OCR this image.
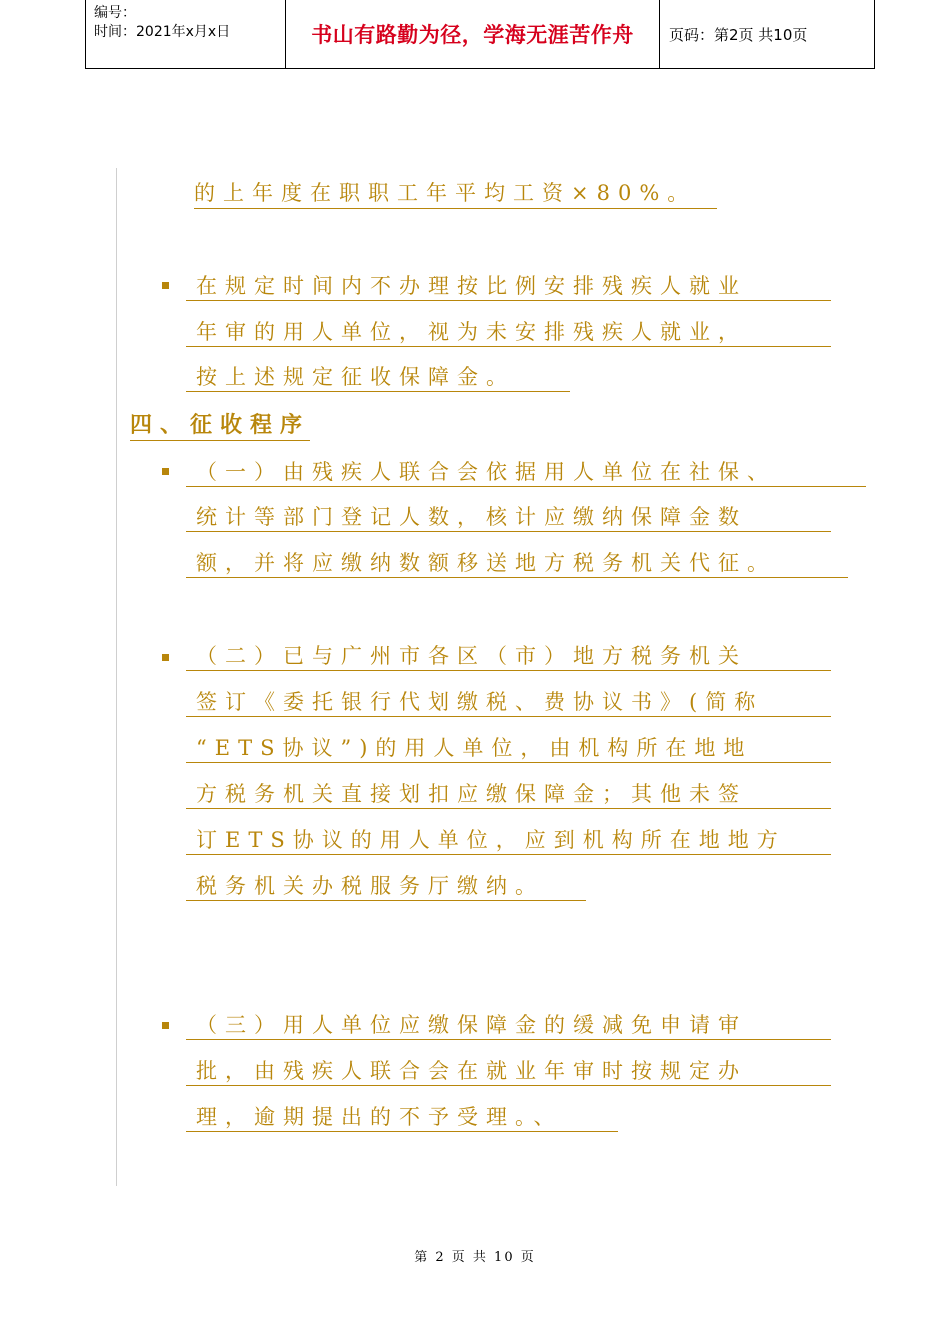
编号：
时间：2021年x月x日	书山有路勤为径，学海无涯苦作舟	页码：第2页 共10页
的上年度在职职工年平均工资×80%。
在规定时间内不办理按比例安排残疾人就业
年审的用人单位，视为未安排残疾人就业，
按上述规定征收保障金。
四、征收程序
（一）由残疾人联合会依据用人单位在社保、
统计等部门登记人数，核计应缴纳保障金数
额，并将应缴纳数额移送地方税务机关代征。
（二）已与广州市各区（市）地方税务机关
签订《委托银行代划缴税、费协议书》(简称
“ETS协议”)的用人单位，由机构所在地地
方税务机关直接划扣应缴保障金；其他未签
订ETS协议的用人单位，应到机构所在地地方
税务机关办税服务厅缴纳。
（三）用人单位应缴保障金的缓减免申请审
批，由残疾人联合会在就业年审时按规定办
理，逾期提出的不予受理。、
第 2 页 共 10 页
